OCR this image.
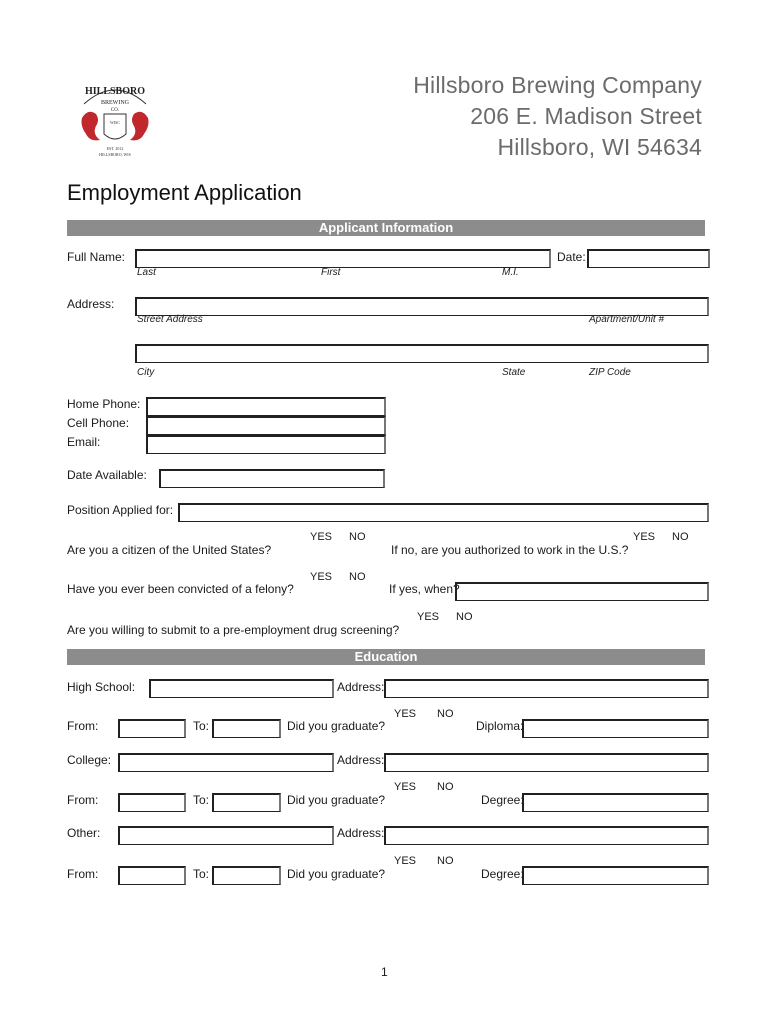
HILLSBORO
BREWING
CO.
WISC
EST. 2012
HILLSBORO, WIS
Hillsboro Brewing Company
206 E. Madison Street
Hillsboro, WI 54634
Employment Application
Applicant Information
Full Name:	Date:
Last	First	M.I.
Address:
Street Address	Apartment/Unit #
City	State	ZIP Code
Home Phone:
Cell Phone:
Email:
Date Available:
Position Applied for:
YES NO
Are you a citizen of the United States?
YES NO
If no, are you authorized to work in the U.S.?
YES NO
Have you ever been convicted of a felony?	If yes, when?
YES NO
Are you willing to submit to a pre-employment drug screening?
Education
High School:	Address:
YES NO
From:	To:	Did you graduate?	Diploma:
College:	Address:
YES NO
From:	To:	Did you graduate?	Degree:
Other:	Address:
YES NO
From:	To:	Did you graduate?	Degree:
1
